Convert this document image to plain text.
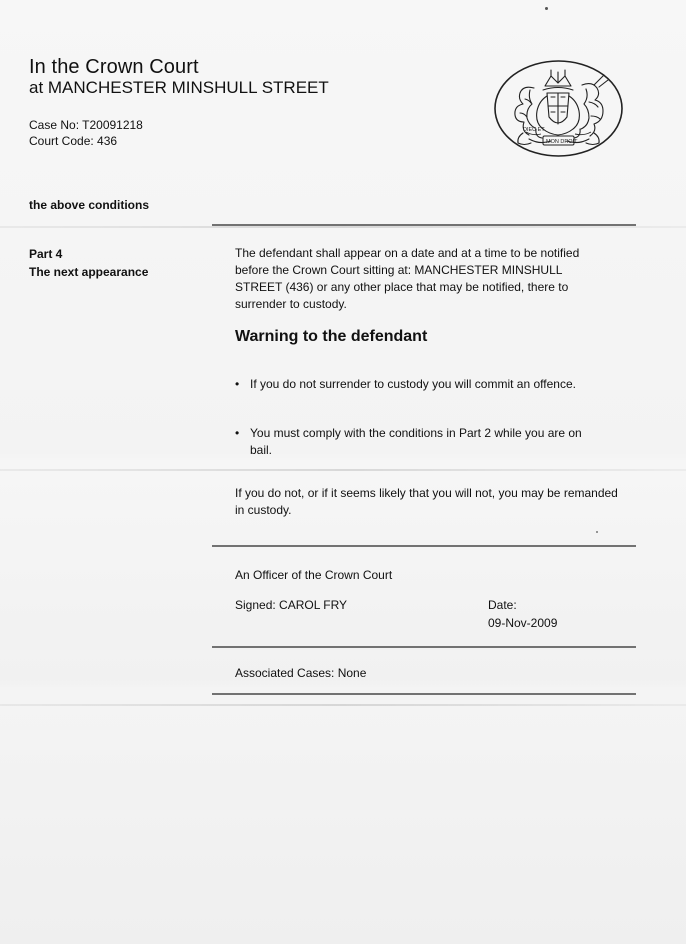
In the Crown Court
at MANCHESTER MINSHULL STREET
Case No: T20091218
Court Code: 436
DIEU ET
MON DROIT
the above conditions
Part 4
The next appearance
The defendant shall appear on a date and at a time to be notified before the Crown Court sitting at: MANCHESTER MINSHULL STREET (436) or any other place that may be notified, there to surrender to custody.
Warning to the defendant
• If you do not surrender to custody you will commit an offence.
• You must comply with the conditions in Part 2 while you are on bail.
If you do not, or if it seems likely that you will not, you may be remanded in custody.
An Officer of the Crown Court
Signed: CAROL FRY	Date:
09-Nov-2009
Associated Cases: None
